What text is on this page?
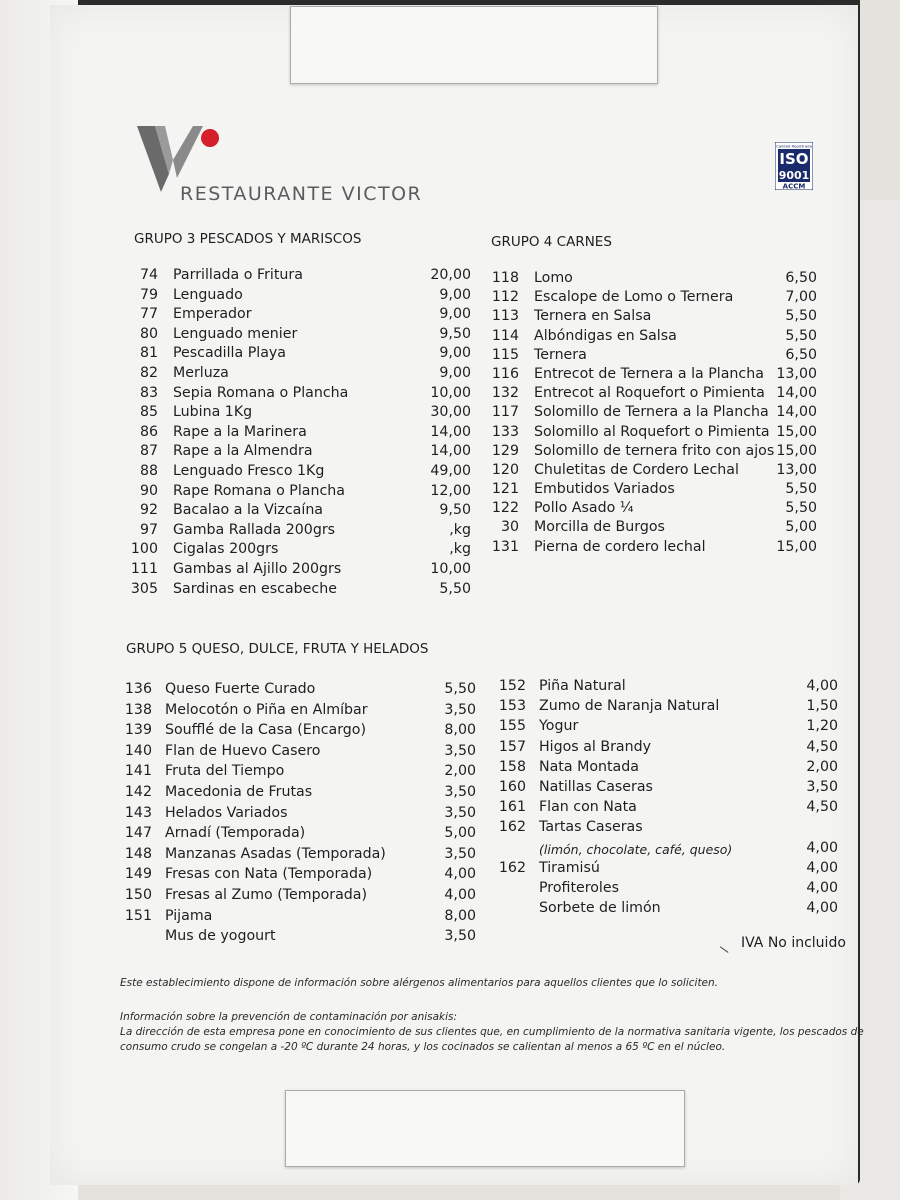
RESTAURANTE VICTOR
Calidad Registrada
ISO
9001
ACCM
GRUPO 3 PESCADOS Y MARISCOS	GRUPO 4 CARNES
GRUPO 5 QUESO, DULCE, FRUTA Y HELADOS
74 Parrillada o Fritura	20,00
79 Lenguado	9,00
77 Emperador	9,00
80 Lenguado menier	9,50
81 Pescadilla Playa	9,00
82 Merluza	9,00
83 Sepia Romana o Plancha	10,00
85 Lubina 1Kg	30,00
86 Rape a la Marinera	14,00
87 Rape a la Almendra	14,00
88 Lenguado Fresco 1Kg	49,00
90 Rape Romana o Plancha	12,00
92 Bacalao a la Vizcaína	9,50
97 Gamba Rallada 200grs	,kg
100 Cigalas 200grs	,kg
111 Gambas al Ajillo 200grs	10,00
305 Sardinas en escabeche	5,50
118 Lomo	6,50
112 Escalope de Lomo o Ternera	7,00
113 Ternera en Salsa	5,50
114 Albóndigas en Salsa	5,50
115 Ternera	6,50
116 Entrecot de Ternera a la Plancha 13,00
132 Entrecot al Roquefort o Pimienta 14,00
117 Solomillo de Ternera a la Plancha 14,00
133 Solomillo al Roquefort o Pimienta 15,00
129 Solomillo de ternera frito con ajos 15,00
120 Chuletitas de Cordero Lechal	13,00
121 Embutidos Variados	5,50
122 Pollo Asado ¼	5,50
30 Morcilla de Burgos	5,00
131 Pierna de cordero lechal	15,00
136 Queso Fuerte Curado	5,50
138 Melocotón o Piña en Almíbar	3,50
139 Soufflé de la Casa (Encargo)	8,00
140 Flan de Huevo Casero	3,50
141 Fruta del Tiempo	2,00
142 Macedonia de Frutas	3,50
143 Helados Variados	3,50
147 Arnadí (Temporada)	5,00
148 Manzanas Asadas (Temporada)	3,50
149 Fresas con Nata (Temporada)	4,00
150 Fresas al Zumo (Temporada)	4,00
151 Pijama	8,00
Mus de yogourt	3,50
152 Piña Natural	4,00
153 Zumo de Naranja Natural	1,50
155 Yogur	1,20
157 Higos al Brandy	4,50
158 Nata Montada	2,00
160 Natillas Caseras	3,50
161 Flan con Nata	4,50
162 Tartas Caseras
(limón, chocolate, café, queso)	4,00
162 Tiramisú	4,00
Profiteroles	4,00
Sorbete de limón	4,00
IVA No incluido
Este establecimiento dispone de información sobre alérgenos alimentarios para aquellos clientes que lo soliciten.
Información sobre la prevención de contaminación por anisakis:
La dirección de esta empresa pone en conocimiento de sus clientes que, en cumplimiento de la normativa sanitaria vigente, los pescados de
consumo crudo se congelan a -20 ºC durante 24 horas, y los cocinados se calientan al menos a 65 ºC en el núcleo.
